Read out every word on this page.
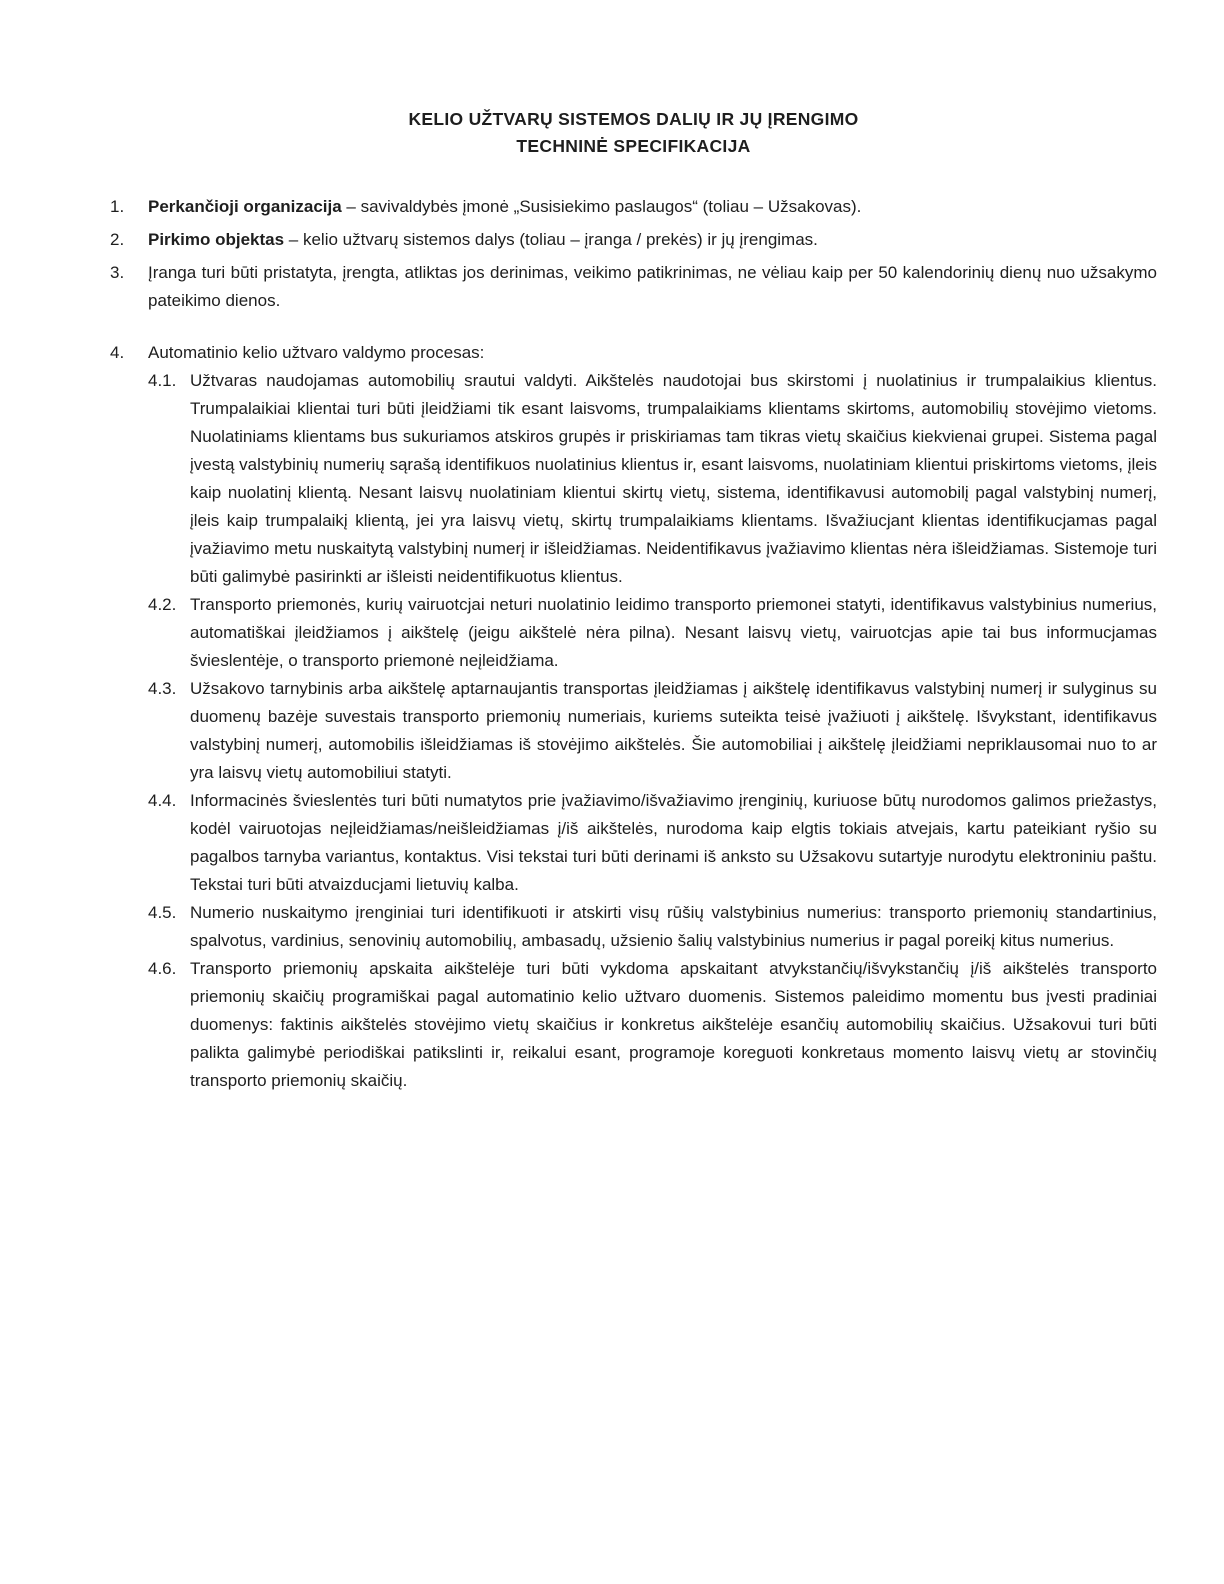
KELIO UŽTVARŲ SISTEMOS DALIŲ IR JŲ ĮRENGIMO
TECHNINĖ SPECIFIKACIJA
1.	Perkančioji organizacija – savivaldybės įmonė „Susisiekimo paslaugos“ (toliau – Užsakovas).

2.	Pirkimo objektas – kelio užtvarų sistemos dalys (toliau – įranga / prekės) ir jų įrengimas.

3.	Įranga turi būti pristatyta, įrengta, atliktas jos derinimas, veikimo patikrinimas, ne vėliau kaip per 50 kalendorinių dienų nuo užsakymo pateikimo dienos.

4.	Automatinio kelio užtvaro valdymo procesas:

4.1. Užtvaras naudojamas automobilių srautui valdyti. Aikštelės naudotojai bus skirstomi į nuolatinius ir trumpalaikius klientus. Trumpalaikiai klientai turi būti įleidžiami tik esant laisvoms, trumpalaikiams klientams skirtoms, automobilių stovėjimo vietoms. Nuolatiniams klientams bus sukuriamos atskiros grupės ir priskiriamas tam tikras vietų skaičius kiekvienai grupei. Sistema pagal įvestą valstybinių numerių sąrašą identifikuos nuolatinius klientus ir, esant laisvoms, nuolatiniam klientui priskirtoms vietoms, įleis kaip nuolatinį klientą. Nesant laisvų nuolatiniam klientui skirtų vietų, sistema, identifikavusi automobilį pagal valstybinį numerį, įleis kaip trumpalaikį klientą, jei yra laisvų vietų, skirtų trumpalaikiams klientams. Išvažiucjant klientas identifikucjamas pagal įvažiavimo metu nuskaitytą valstybinį numerį ir išleidžiamas. Neidentifikavus įvažiavimo klientas nėra išleidžiamas. Sistemoje turi būti galimybė pasirinkti ar išleisti neidentifikuotus klientus.

4.2. Transporto priemonės, kurių vairuotcjai neturi nuolatinio leidimo transporto priemonei statyti, identifikavus valstybinius numerius, automatiškai įleidžiamos į aikštelę (jeigu aikštelė nėra pilna). Nesant laisvų vietų, vairuotcjas apie tai bus informucjamas švieslentėje, o transporto priemonė neįleidžiama.

4.3. Užsakovo tarnybinis arba aikštelę aptarnaujantis transportas įleidžiamas į aikštelę identifikavus valstybinį numerį ir sulyginus su duomenų bazėje suvestais transporto priemonių numeriais, kuriems suteikta teisė įvažiuoti į aikštelę. Išvykstant, identifikavus valstybinį numerį, automobilis išleidžiamas iš stovėjimo aikštelės. Šie automobiliai į aikštelę įleidžiami nepriklausomai nuo to ar yra laisvų vietų automobiliui statyti.

4.4. Informacinės švieslentės turi būti numatytos prie įvažiavimo/išvažiavimo įrenginių, kuriuose būtų nurodomos galimos priežastys, kodėl vairuotojas neįleidžiamas/neišleidžiamas į/iš aikštelės, nurodoma kaip elgtis tokiais atvejais, kartu pateikiant ryšio su pagalbos tarnyba variantus, kontaktus. Visi tekstai turi būti derinami iš anksto su Užsakovu sutartyje nurodytu elektroniniu paštu. Tekstai turi būti atvaizducjami lietuvių kalba.

4.5. Numerio nuskaitymo įrenginiai turi identifikuoti ir atskirti visų rūšių valstybinius numerius: transporto priemonių standartinius, spalvotus, vardinius, senovinių automobilių, ambasadų, užsienio šalių valstybinius numerius ir pagal poreikį kitus numerius.

4.6. Transporto priemonių apskaita aikštelėje turi būti vykdoma apskaitant atvykstančių/išvykstančių į/iš aikštelės transporto priemonių skaičių programiškai pagal automatinio kelio užtvaro duomenis. Sistemos paleidimo momentu bus įvesti pradiniai duomenys: faktinis aikštelės stovėjimo vietų skaičius ir konkretus aikštelėje esančių automobilių skaičius. Užsakovui turi būti palikta galimybė periodiškai patikslinti ir, reikalui esant, programoje koreguoti konkretaus momento laisvų vietų ar stovinčių transporto priemonių skaičių.
